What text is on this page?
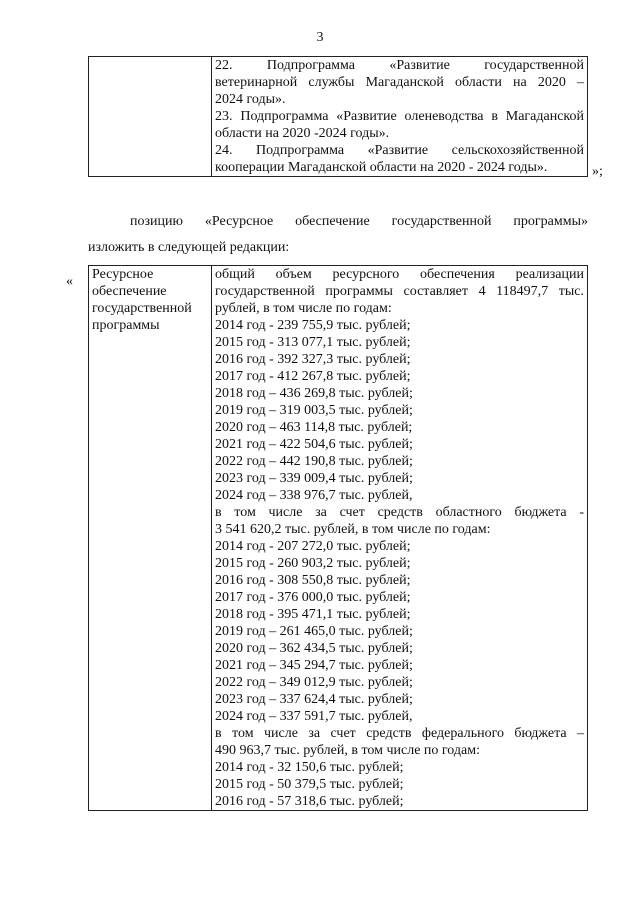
3

22. Подпрограмма «Развитие государственной
ветеринарной службы Магаданской области на 2020 –
2024 годы».
23. Подпрограмма «Развитие оленеводства в Магаданской
области на 2020 -2024 годы».
24. Подпрограмма «Развитие сельскохозяйственной
кооперации Магаданской области на 2020 - 2024 годы».	»;
позицию «Ресурсное обеспечение государственной программы»
изложить в следующей редакции:
« Ресурсное
обеспечение
государственной
программы

общий объем ресурсного обеспечения реализации
государственной программы составляет 4 118497,7 тыс.
рублей, в том числе по годам:
2014 год - 239 755,9 тыс. рублей;
2015 год - 313 077,1 тыс. рублей;
2016 год - 392 327,3 тыс. рублей;
2017 год - 412 267,8 тыс. рублей;
2018 год – 436 269,8 тыс. рублей;
2019 год – 319 003,5 тыс. рублей;
2020 год – 463 114,8 тыс. рублей;
2021 год – 422 504,6 тыс. рублей;
2022 год – 442 190,8 тыс. рублей;
2023 год – 339 009,4 тыс. рублей;
2024 год – 338 976,7 тыс. рублей,
в том числе за счет средств областного бюджета -
3 541 620,2 тыс. рублей, в том числе по годам:
2014 год - 207 272,0 тыс. рублей;
2015 год - 260 903,2 тыс. рублей;
2016 год - 308 550,8 тыс. рублей;
2017 год - 376 000,0 тыс. рублей;
2018 год - 395 471,1 тыс. рублей;
2019 год – 261 465,0 тыс. рублей;
2020 год – 362 434,5 тыс. рублей;
2021 год – 345 294,7 тыс. рублей;
2022 год – 349 012,9 тыс. рублей;
2023 год – 337 624,4 тыс. рублей;
2024 год – 337 591,7 тыс. рублей,
в том числе за счет средств федерального бюджета –
490 963,7 тыс. рублей, в том числе по годам:
2014 год - 32 150,6 тыс. рублей;
2015 год - 50 379,5 тыс. рублей;
2016 год - 57 318,6 тыс. рублей;
